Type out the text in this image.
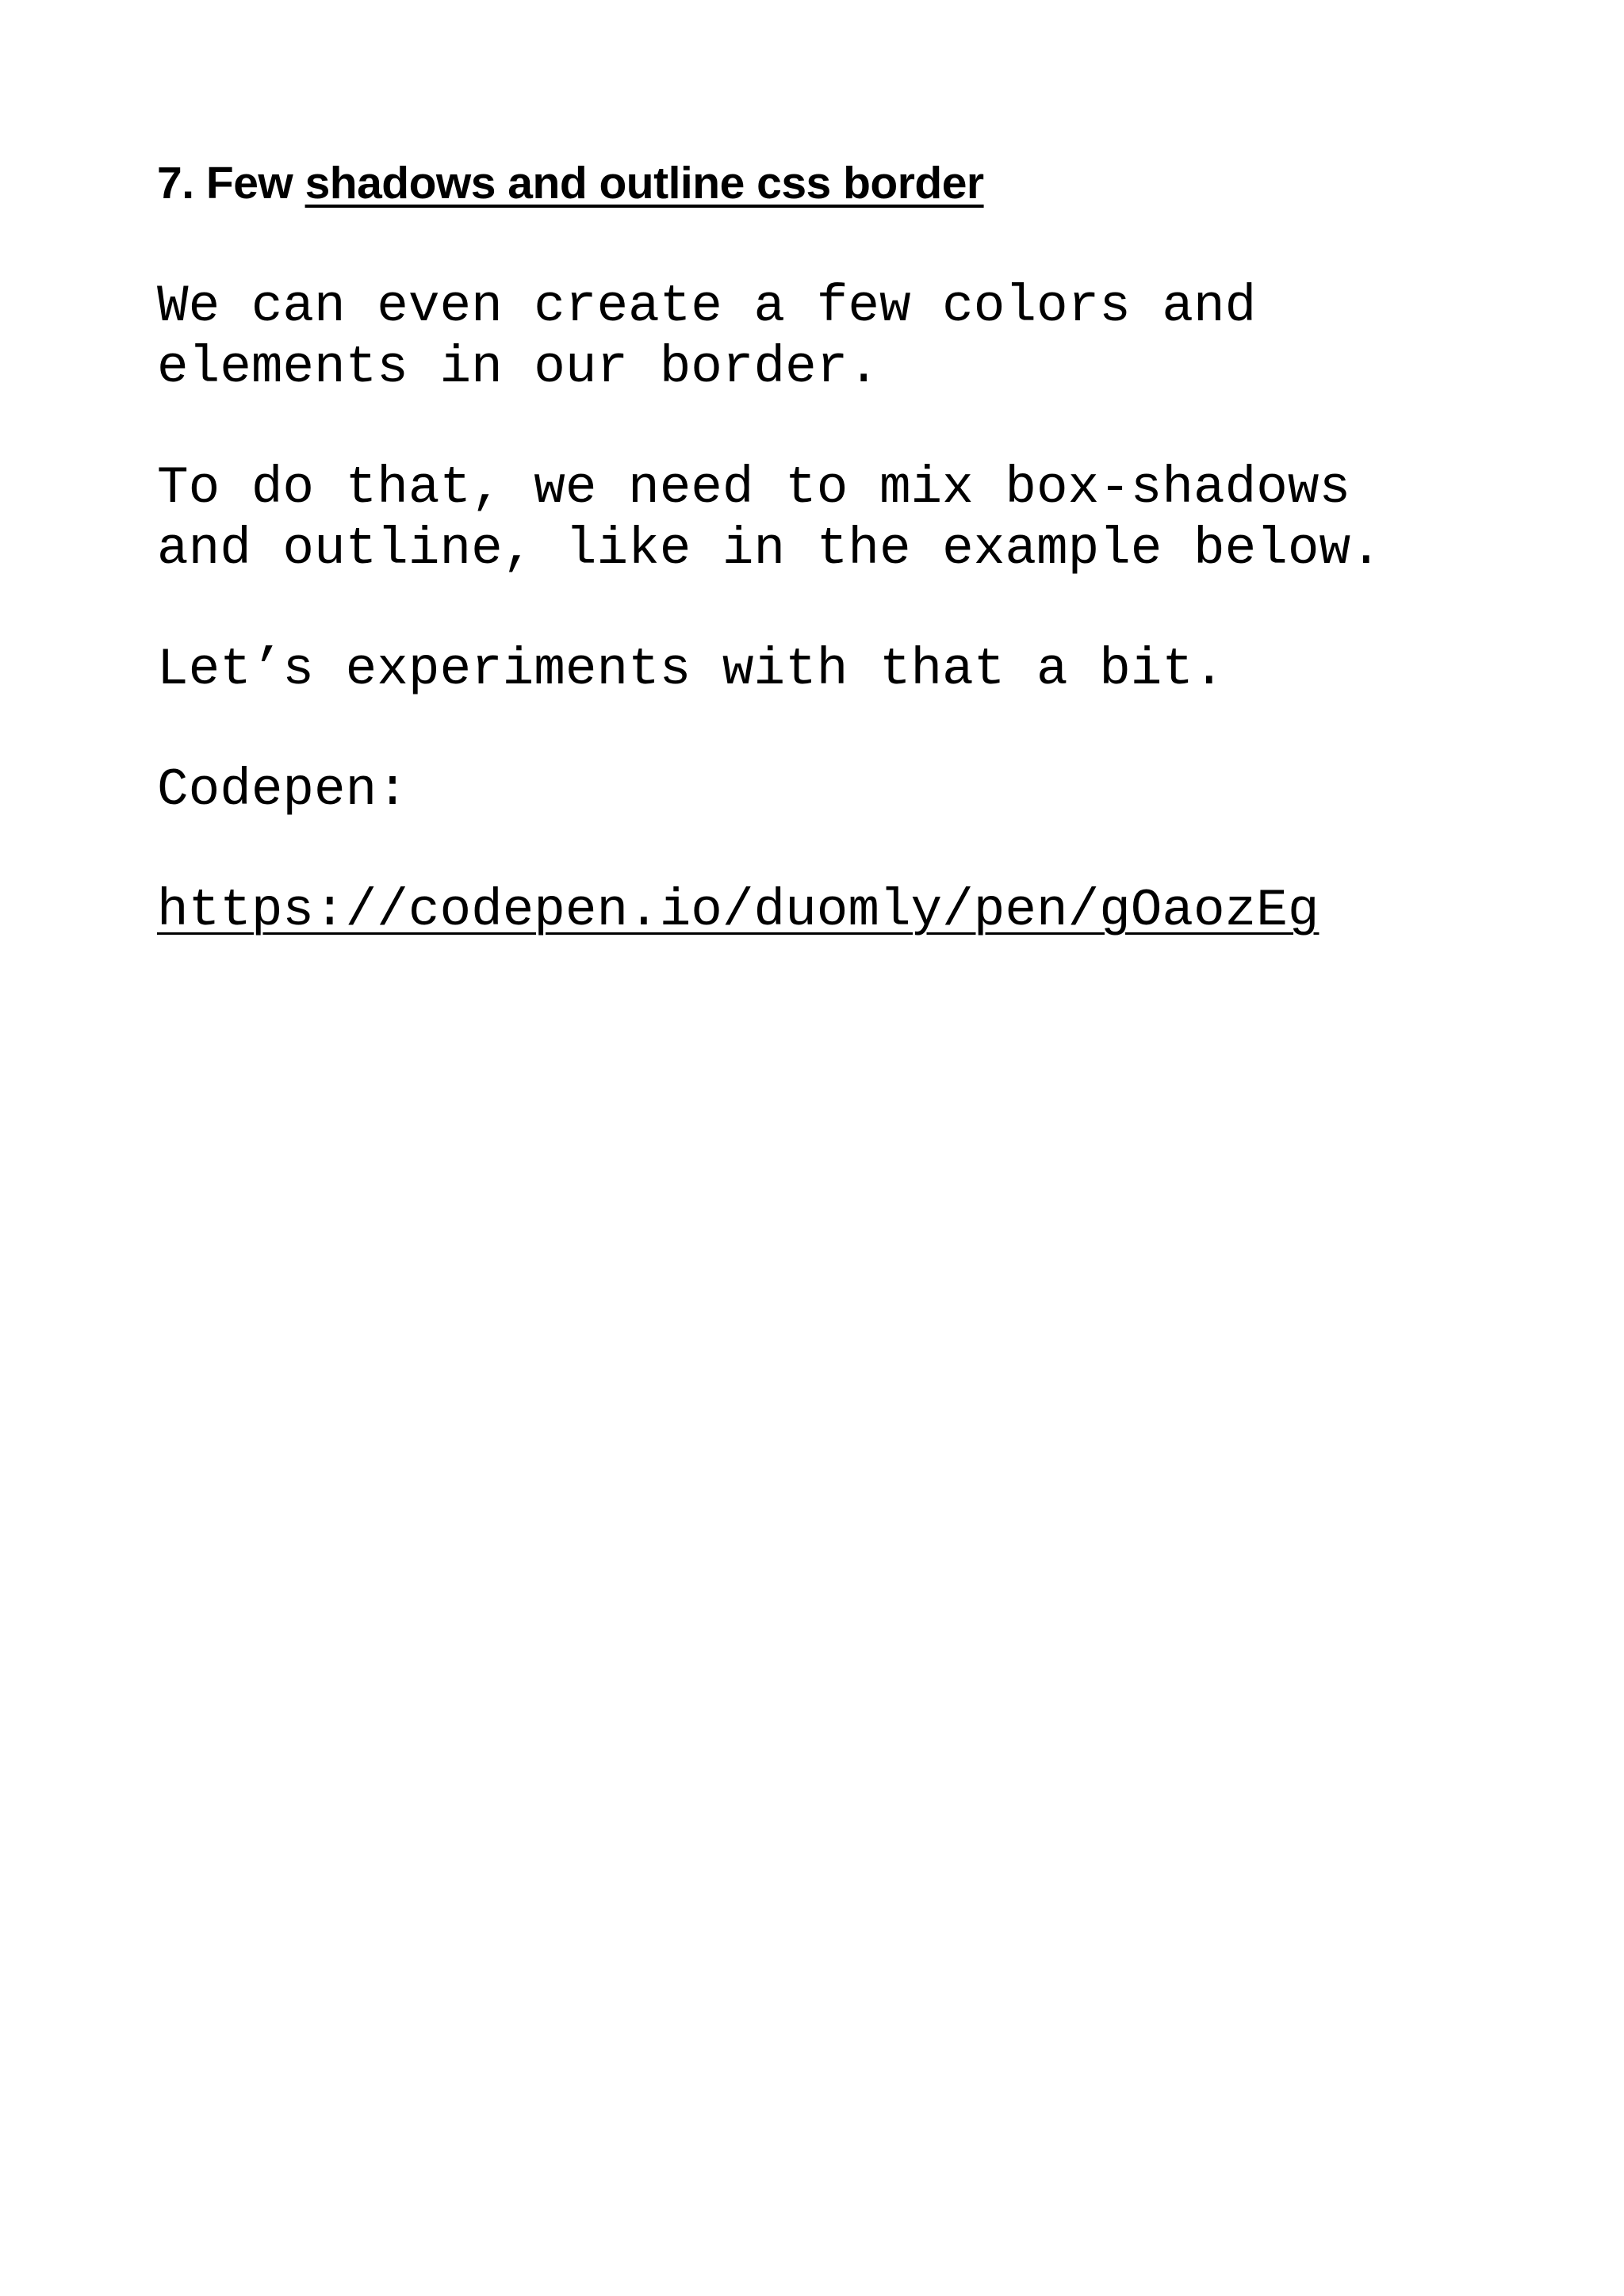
7. Few shadows and outline css border

We can even create a few colors and

elements in our border.

To do that, we need to mix box-shadows

and outline, like in the example below.

Let’s experiments with that a bit.

Codepen:

https://codepen.io/duomly/pen/gOaozEg
